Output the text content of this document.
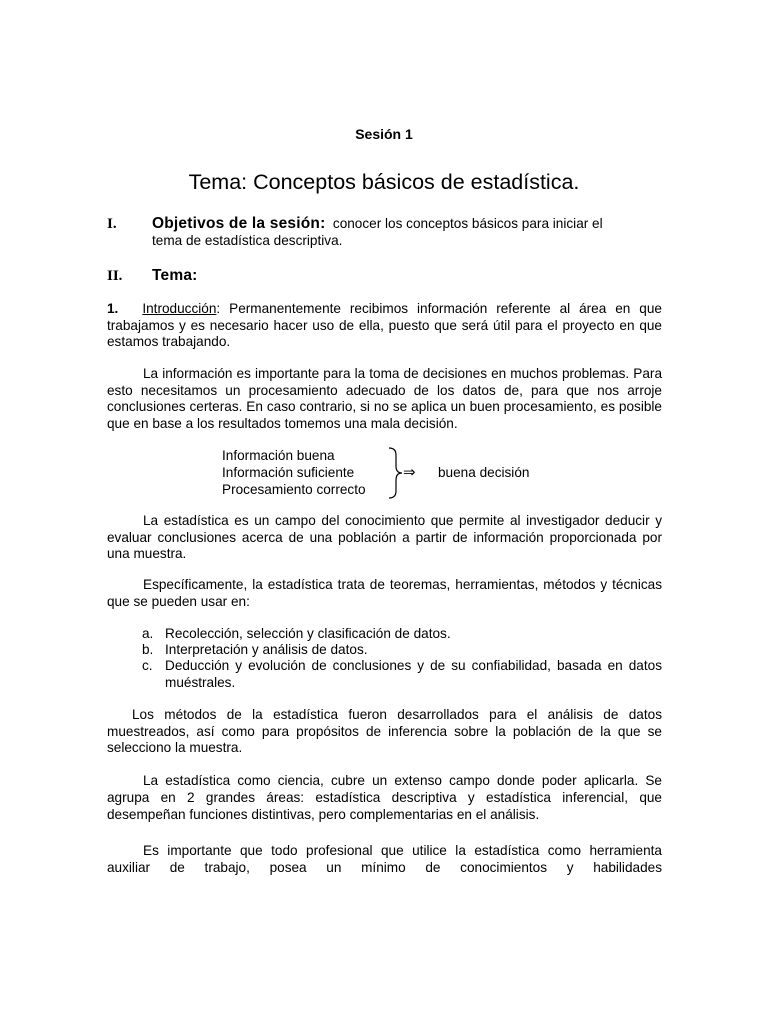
Sesión 1
Tema: Conceptos básicos de estadística.
I. Objetivos de la sesión: conocer los conceptos básicos para iniciar el
tema de estadística descriptiva.
II. Tema:
1. Introducción: Permanentemente recibimos información referente al área en que trabajamos y es necesario hacer uso de ella, puesto que será útil para el proyecto en que estamos trabajando.
La información es importante para la toma de decisiones en muchos problemas. Para esto necesitamos un procesamiento adecuado de los datos de, para que nos arroje conclusiones certeras. En caso contrario, si no se aplica un buen procesamiento, es posible que en base a los resultados tomemos una mala decisión.
Información buena
Información suficiente
Procesamiento correcto
⇒ buena decisión
La estadística es un campo del conocimiento que permite al investigador deducir y evaluar conclusiones acerca de una población a partir de información proporcionada por una muestra.
Específicamente, la estadística trata de teoremas, herramientas, métodos y técnicas que se pueden usar en:
a. Recolección, selección y clasificación de datos.
b. Interpretación y análisis de datos.
c. Deducción y evolución de conclusiones y de su confiabilidad, basada en datos muéstrales.
Los métodos de la estadística fueron desarrollados para el análisis de datos muestreados, así como para propósitos de inferencia sobre la población de la que se selecciono la muestra.
La estadística como ciencia, cubre un extenso campo donde poder aplicarla. Se agrupa en 2 grandes áreas: estadística descriptiva y estadística inferencial, que desempeñan funciones distintivas, pero complementarias en el análisis.
Es importante que todo profesional que utilice la estadística como herramienta auxiliar de trabajo, posea un mínimo de conocimientos y habilidades
